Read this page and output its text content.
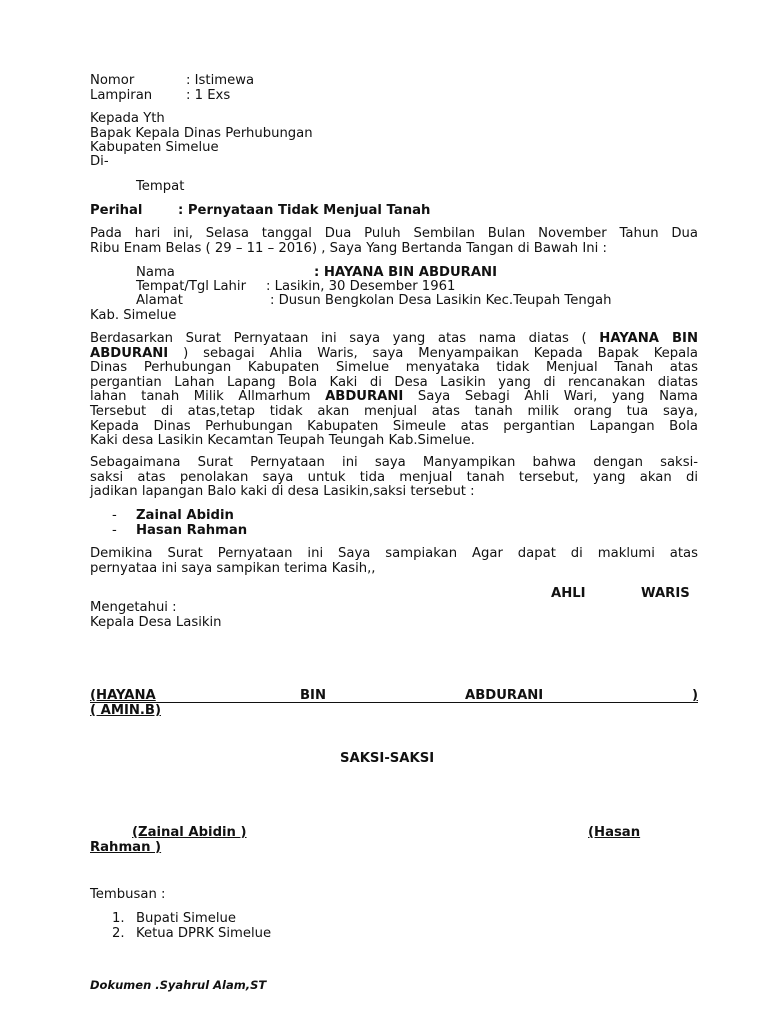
Nomor	: Istimewa
Lampiran	: 1 Exs
Kepada Yth
Bapak Kepala Dinas Perhubungan
Kabupaten Simelue
Di-
Tempat
Perihal	: Pernyataan Tidak Menjual Tanah
Pada hari ini, Selasa tanggal Dua Puluh Sembilan Bulan November Tahun Dua
Ribu Enam Belas ( 29 – 11 – 2016) , Saya Yang Bertanda Tangan di Bawah Ini :
Nama	: HAYANA BIN ABDURANI
Tempat/Tgl Lahir : Lasikin, 30 Desember 1961
Alamat	: Dusun Bengkolan Desa Lasikin Kec.Teupah Tengah
Kab. Simelue
Berdasarkan Surat Pernyataan ini saya yang atas nama diatas ( HAYANA BIN
ABDURANI ) sebagai Ahlia Waris, saya Menyampaikan Kepada Bapak Kepala
Dinas Perhubungan Kabupaten Simelue menyataka tidak Menjual Tanah atas
pergantian Lahan Lapang Bola Kaki di Desa Lasikin yang di rencanakan diatas
lahan tanah Milik Allmarhum ABDURANI Saya Sebagi Ahli Wari, yang Nama
Tersebut di atas,tetap tidak akan menjual atas tanah milik orang tua saya,
Kepada Dinas Perhubungan Kabupaten Simeule atas pergantian Lapangan Bola
Kaki desa Lasikin Kecamtan Teupah Teungah Kab.Simelue.
Sebagaimana Surat Pernyataan ini saya Manyampikan bahwa dengan saksi-
saksi atas penolakan saya untuk tida menjual tanah tersebut, yang akan di
jadikan lapangan Balo kaki di desa Lasikin,saksi tersebut :
- Zainal Abidin
- Hasan Rahman
Demikina Surat Pernyataan ini Saya sampiakan Agar dapat di maklumi atas
pernyataa ini saya sampikan terima Kasih,,
AHLI	WARIS
Mengetahui :
Kepala Desa Lasikin
(HAYANA	BIN	ABDURANI	)
( AMIN.B)
SAKSI-SAKSI
(Zainal Abidin )	(Hasan
Rahman )
Tembusan :
1. Bupati Simelue
2. Ketua DPRK Simelue
Dokumen .Syahrul Alam,ST
